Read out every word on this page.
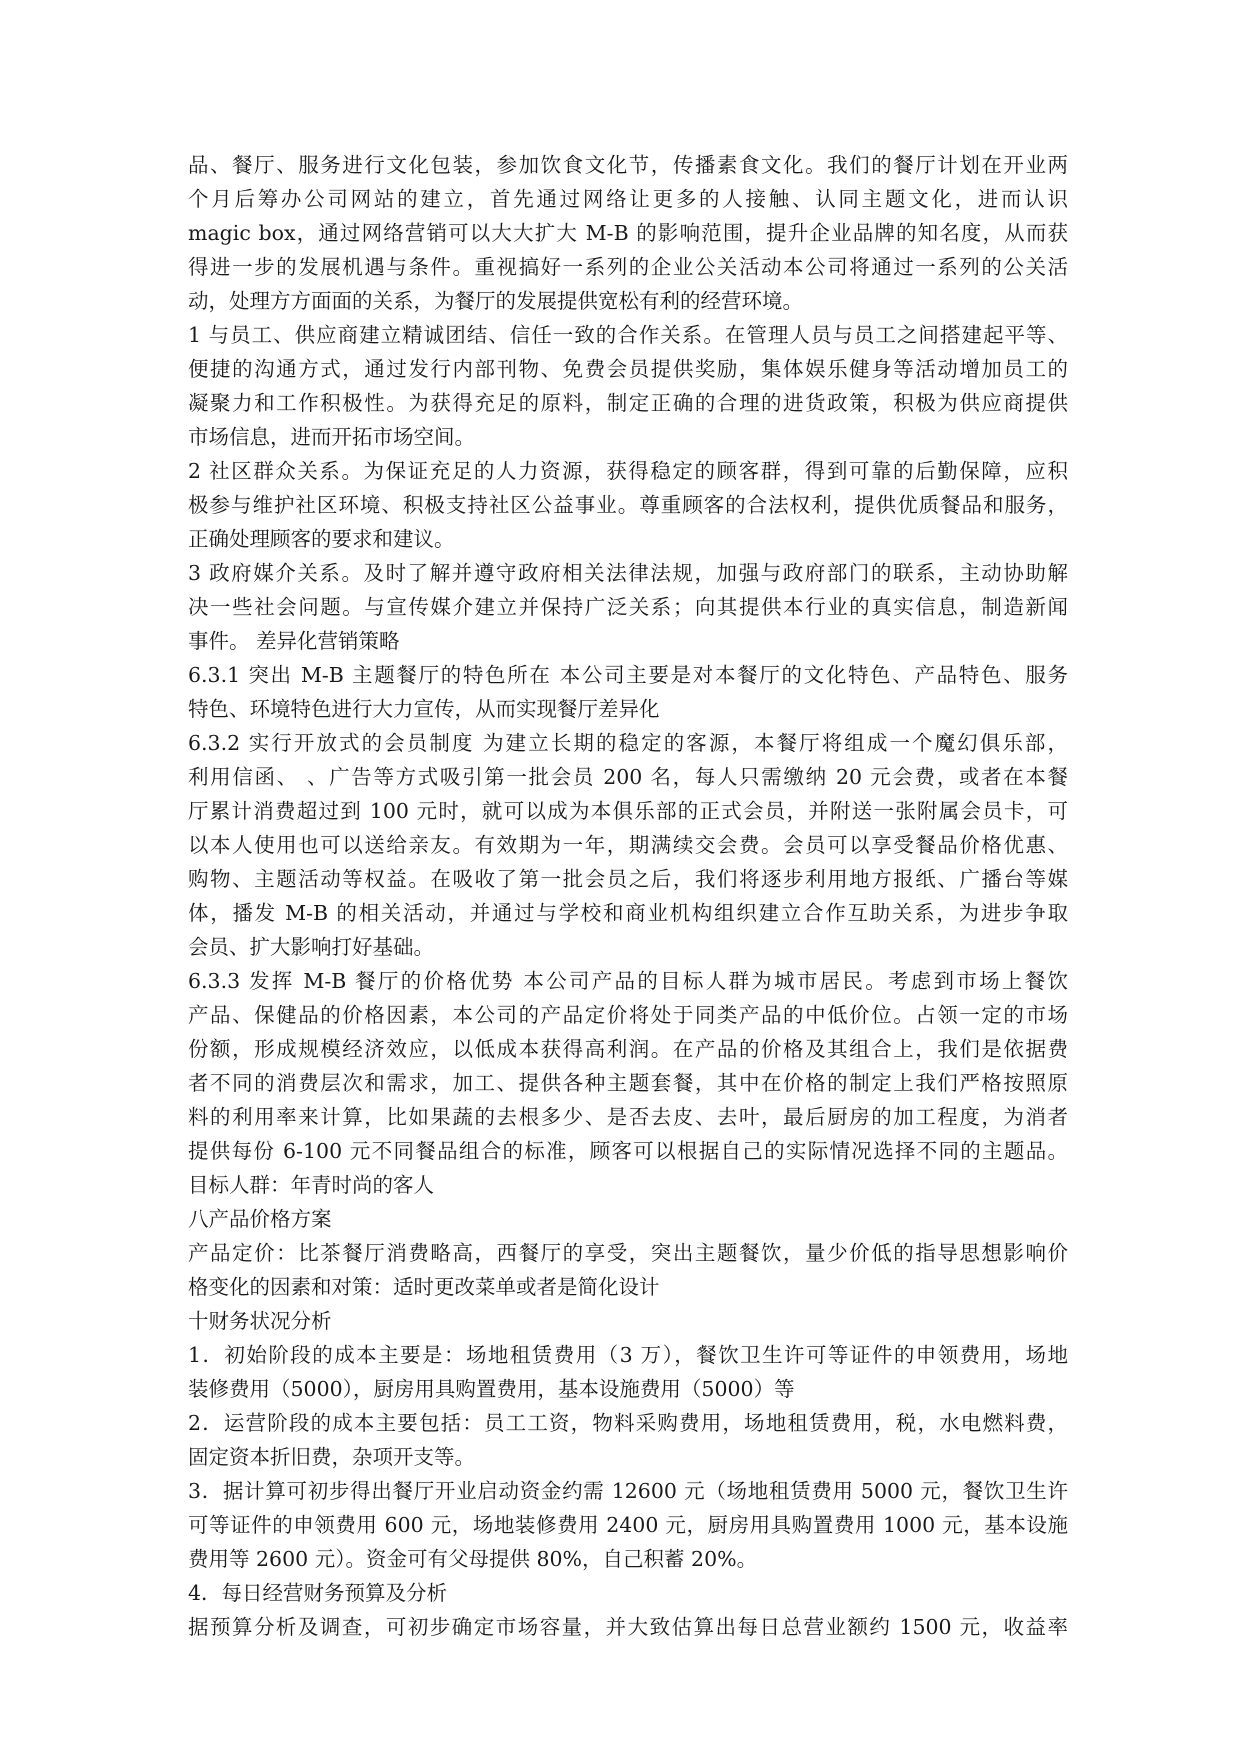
品、餐厅、服务进行文化包装，参加饮食文化节，传播素食文化。我们的餐厅计划在开业两
个月后筹办公司网站的建立，首先通过网络让更多的人接触、认同主题文化，进而认识
magic box，通过网络营销可以大大扩大 M-B 的影响范围，提升企业品牌的知名度，从而获
得进一步的发展机遇与条件。重视搞好一系列的企业公关活动本公司将通过一系列的公关活
动，处理方方面面的关系，为餐厅的发展提供宽松有利的经营环境。
1 与员工、供应商建立精诚团结、信任一致的合作关系。在管理人员与员工之间搭建起平等、
便捷的沟通方式，通过发行内部刊物、免费会员提供奖励，集体娱乐健身等活动增加员工的
凝聚力和工作积极性。为获得充足的原料，制定正确的合理的进货政策，积极为供应商提供
市场信息，进而开拓市场空间。
2 社区群众关系。为保证充足的人力资源，获得稳定的顾客群，得到可靠的后勤保障，应积
极参与维护社区环境、积极支持社区公益事业。尊重顾客的合法权利，提供优质餐品和服务，
正确处理顾客的要求和建议。
3 政府媒介关系。及时了解并遵守政府相关法律法规，加强与政府部门的联系，主动协助解
决一些社会问题。与宣传媒介建立并保持广泛关系；向其提供本行业的真实信息，制造新闻
事件。 差异化营销策略
6.3.1 突出 M-B 主题餐厅的特色所在 本公司主要是对本餐厅的文化特色、产品特色、服务
特色、环境特色进行大力宣传，从而实现餐厅差异化
6.3.2 实行开放式的会员制度 为建立长期的稳定的客源，本餐厅将组成一个魔幻俱乐部，
利用信函、 、广告等方式吸引第一批会员 200 名，每人只需缴纳 20 元会费，或者在本餐
厅累计消费超过到 100 元时，就可以成为本俱乐部的正式会员，并附送一张附属会员卡，可
以本人使用也可以送给亲友。有效期为一年，期满续交会费。会员可以享受餐品价格优惠、
购物、主题活动等权益。在吸收了第一批会员之后，我们将逐步利用地方报纸、广播台等媒
体，播发 M-B 的相关活动，并通过与学校和商业机构组织建立合作互助关系，为进步争取
会员、扩大影响打好基础。
6.3.3 发挥 M-B 餐厅的价格优势 本公司产品的目标人群为城市居民。考虑到市场上餐饮
产品、保健品的价格因素，本公司的产品定价将处于同类产品的中低价位。占领一定的市场
份额，形成规模经济效应，以低成本获得高利润。在产品的价格及其组合上，我们是依据费
者不同的消费层次和需求，加工、提供各种主题套餐，其中在价格的制定上我们严格按照原
料的利用率来计算，比如果蔬的去根多少、是否去皮、去叶，最后厨房的加工程度，为消者
提供每份 6-100 元不同餐品组合的标准，顾客可以根据自己的实际情况选择不同的主题品。
目标人群：年青时尚的客人
八产品价格方案
产品定价：比茶餐厅消费略高，西餐厅的享受，突出主题餐饮，量少价低的指导思想影响价
格变化的因素和对策：适时更改菜单或者是简化设计
十财务状况分析
1．初始阶段的成本主要是：场地租赁费用（3 万），餐饮卫生许可等证件的申领费用，场地
装修费用（5000），厨房用具购置费用，基本设施费用（5000）等
2．运营阶段的成本主要包括：员工工资，物料采购费用，场地租赁费用，税，水电燃料费，
固定资本折旧费，杂项开支等。
3．据计算可初步得出餐厅开业启动资金约需 12600 元（场地租赁费用 5000 元，餐饮卫生许
可等证件的申领费用 600 元，场地装修费用 2400 元，厨房用具购置费用 1000 元，基本设施
费用等 2600 元）。资金可有父母提供 80%，自己积蓄 20%。
4．每日经营财务预算及分析
据预算分析及调查，可初步确定市场容量，并大致估算出每日总营业额约 1500 元，收益率
